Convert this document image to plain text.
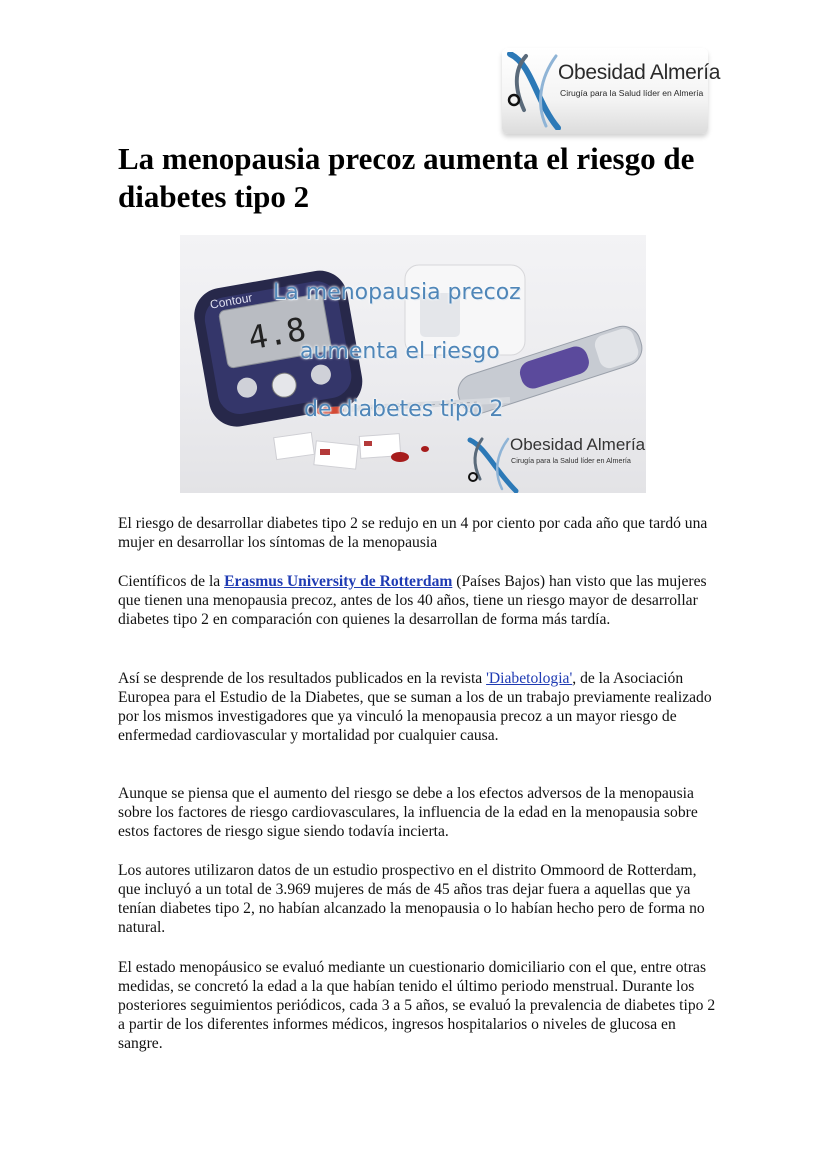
Obesidad Almería
Cirugía para la Salud líder en Almería
La menopausia precoz aumenta el riesgo de diabetes tipo 2
4.8
Contour La menopausia precoz
aumenta el riesgo
de diabetes tipo 2
Obesidad Almería
Cirugía para la Salud líder en Almería

El riesgo de desarrollar diabetes tipo 2 se redujo en un 4 por ciento por cada año que tardó una mujer en desarrollar los síntomas de la menopausia

Científicos de la Erasmus University de Rotterdam (Países Bajos) han visto que las mujeres que tienen una menopausia precoz, antes de los 40 años, tiene un riesgo mayor de desarrollar diabetes tipo 2 en comparación con quienes la desarrollan de forma más tardía.

Así se desprende de los resultados publicados en la revista 'Diabetologia', de la Asociación Europea para el Estudio de la Diabetes, que se suman a los de un trabajo previamente realizado por los mismos investigadores que ya vinculó la menopausia precoz a un mayor riesgo de enfermedad cardiovascular y mortalidad por cualquier causa.

Aunque se piensa que el aumento del riesgo se debe a los efectos adversos de la menopausia sobre los factores de riesgo cardiovasculares, la influencia de la edad en la menopausia sobre estos factores de riesgo sigue siendo todavía incierta.

Los autores utilizaron datos de un estudio prospectivo en el distrito Ommoord de Rotterdam, que incluyó a un total de 3.969 mujeres de más de 45 años tras dejar fuera a aquellas que ya tenían diabetes tipo 2, no habían alcanzado la menopausia o lo habían hecho pero de forma no natural.

El estado menopáusico se evaluó mediante un cuestionario domiciliario con el que, entre otras medidas, se concretó la edad a la que habían tenido el último periodo menstrual. Durante los posteriores seguimientos periódicos, cada 3 a 5 años, se evaluó la prevalencia de diabetes tipo 2 a partir de los diferentes informes médicos, ingresos hospitalarios o niveles de glucosa en sangre.
